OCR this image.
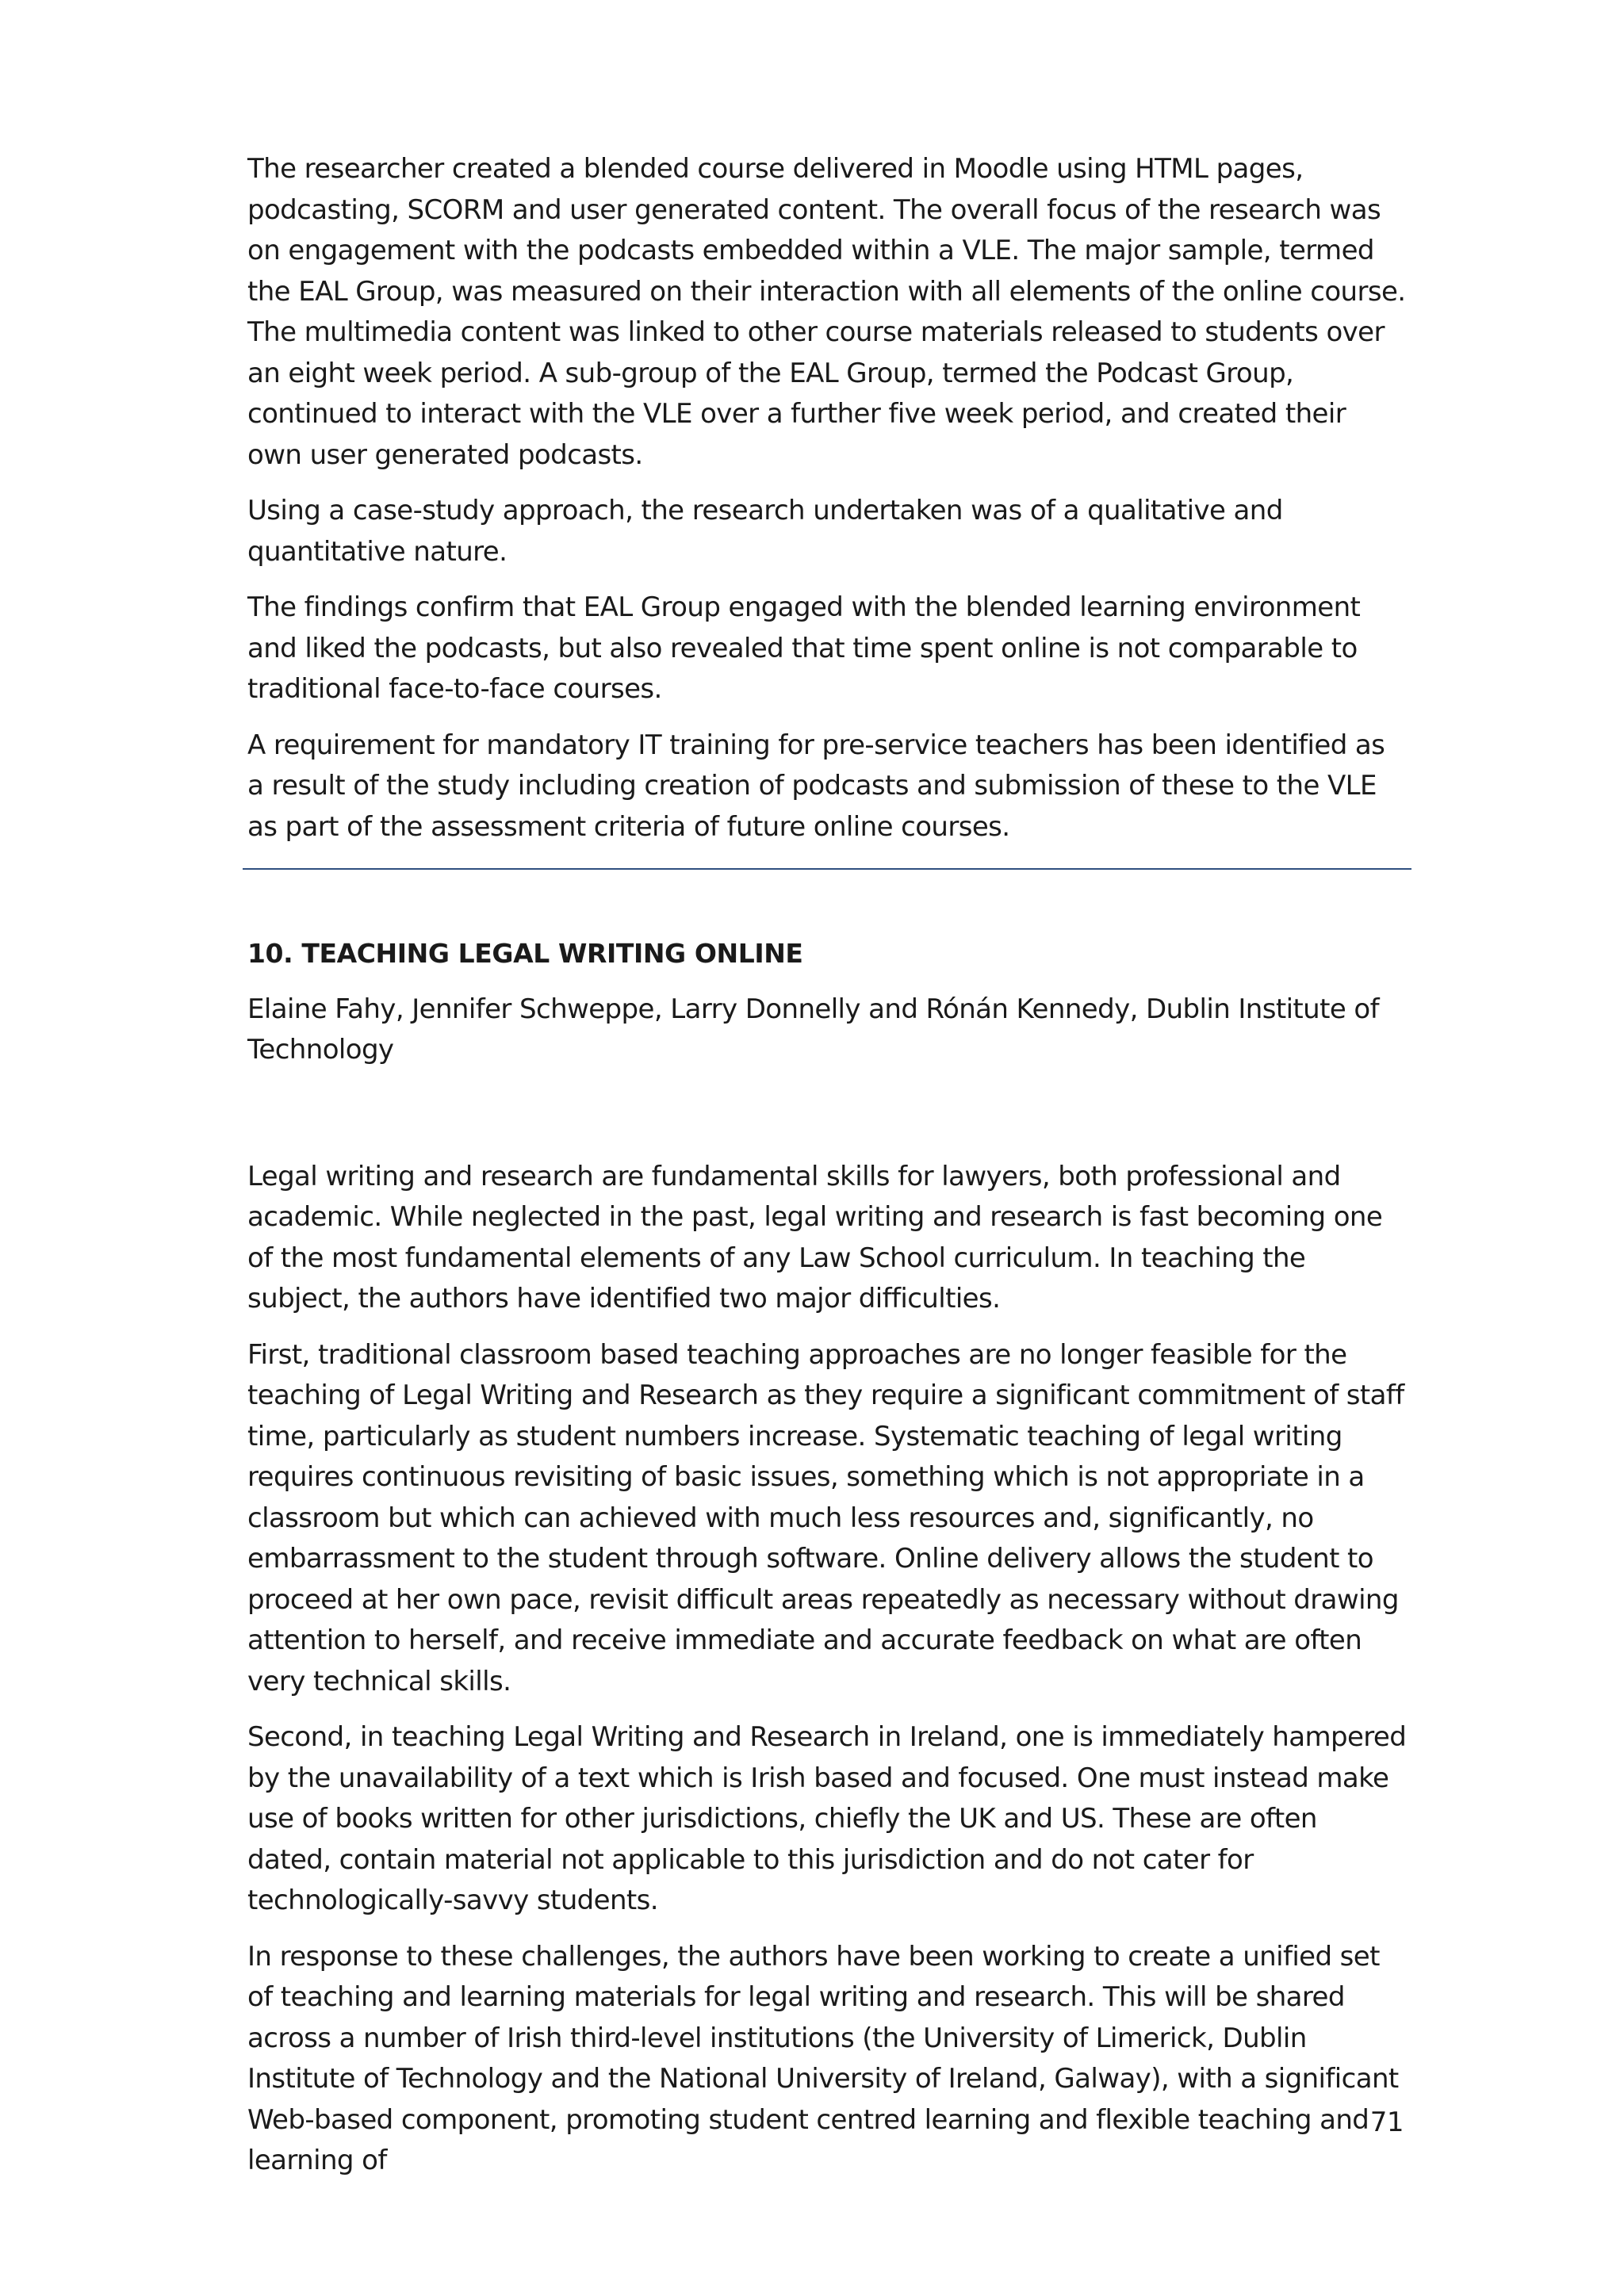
The researcher created a blended course delivered in Moodle using HTML pages, podcasting, SCORM and user generated content. The overall focus of the research was on engagement with the podcasts embedded within a VLE. The major sample, termed the EAL Group, was measured on their interaction with all elements of the online course. The multimedia content was linked to other course materials released to students over an eight week period. A sub-group of the EAL Group, termed the Podcast Group, continued to interact with the VLE over a further five week period, and created their own user generated podcasts.

Using a case-study approach, the research undertaken was of a qualitative and quantitative nature.

The findings confirm that EAL Group engaged with the blended learning environment and liked the podcasts, but also revealed that time spent online is not comparable to traditional face-to-face courses.

A requirement for mandatory IT training for pre-service teachers has been identified as a result of the study including creation of podcasts and submission of these to the VLE as part of the assessment criteria of future online courses.

10. TEACHING LEGAL WRITING ONLINE

Elaine Fahy, Jennifer Schweppe, Larry Donnelly and Rónán Kennedy, Dublin Institute of Technology

Legal writing and research are fundamental skills for lawyers, both professional and academic. While neglected in the past, legal writing and research is fast becoming one of the most fundamental elements of any Law School curriculum. In teaching the subject, the authors have identified two major difficulties.

First, traditional classroom based teaching approaches are no longer feasible for the teaching of Legal Writing and Research as they require a significant commitment of staff time, particularly as student numbers increase. Systematic teaching of legal writing requires continuous revisiting of basic issues, something which is not appropriate in a classroom but which can achieved with much less resources and, significantly, no embarrassment to the student through software. Online delivery allows the student to proceed at her own pace, revisit difficult areas repeatedly as necessary without drawing attention to herself, and receive immediate and accurate feedback on what are often very technical skills.

Second, in teaching Legal Writing and Research in Ireland, one is immediately hampered by the unavailability of a text which is Irish based and focused. One must instead make use of books written for other jurisdictions, chiefly the UK and US. These are often dated, contain material not applicable to this jurisdiction and do not cater for technologically-savvy students.

In response to these challenges, the authors have been working to create a unified set of teaching and learning materials for legal writing and research. This will be shared across a number of Irish third-level institutions (the University of Limerick, Dublin Institute of Technology and the National University of Ireland, Galway), with a significant Web-based component, promoting student centred learning and flexible teaching and learning of

71
